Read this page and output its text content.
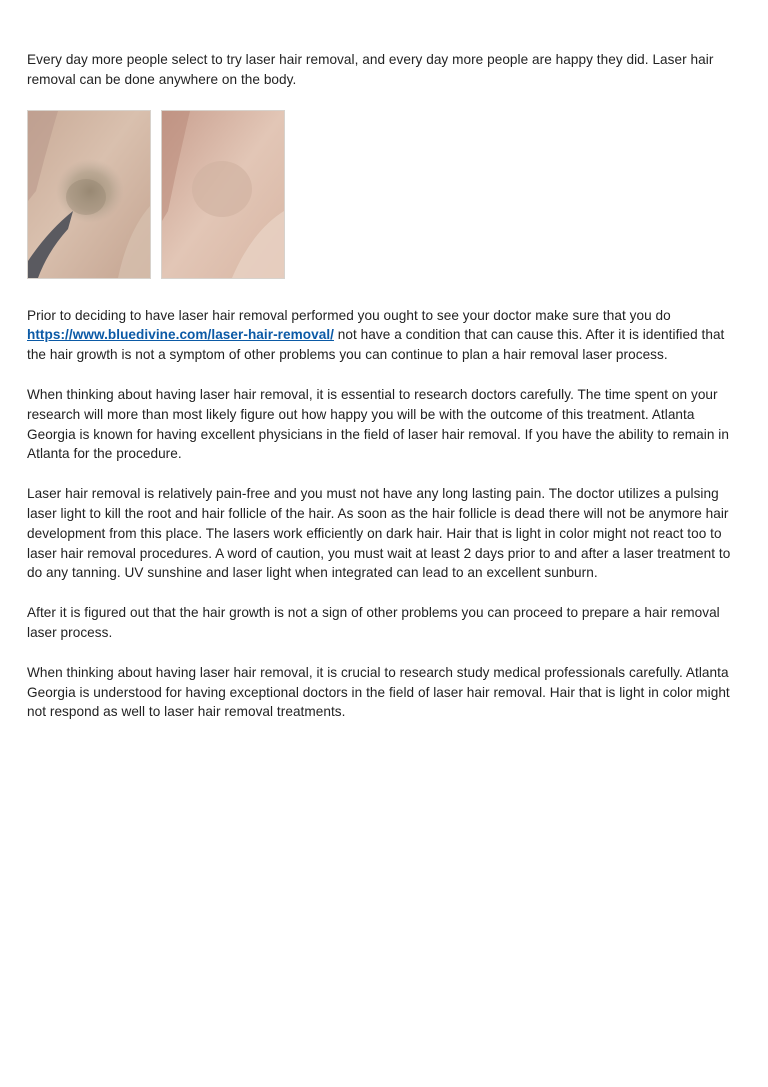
Every day more people select to try laser hair removal, and every day more people are happy they did. Laser hair removal can be done anywhere on the body.

Prior to deciding to have laser hair removal performed you ought to see your doctor make sure that you do https://www.bluedivine.com/laser-hair-removal/ not have a condition that can cause this. After it is identified that the hair growth is not a symptom of other problems you can continue to plan a hair removal laser process.

When thinking about having laser hair removal, it is essential to research doctors carefully. The time spent on your research will more than most likely figure out how happy you will be with the outcome of this treatment. Atlanta Georgia is known for having excellent physicians in the field of laser hair removal. If you have the ability to remain in Atlanta for the procedure.

Laser hair removal is relatively pain-free and you must not have any long lasting pain. The doctor utilizes a pulsing laser light to kill the root and hair follicle of the hair. As soon as the hair follicle is dead there will not be anymore hair development from this place. The lasers work efficiently on dark hair. Hair that is light in color might not react too to laser hair removal procedures. A word of caution, you must wait at least 2 days prior to and after a laser treatment to do any tanning. UV sunshine and laser light when integrated can lead to an excellent sunburn.

After it is figured out that the hair growth is not a sign of other problems you can proceed to prepare a hair removal laser process.

When thinking about having laser hair removal, it is crucial to research study medical professionals carefully. Atlanta Georgia is understood for having exceptional doctors in the field of laser hair removal. Hair that is light in color might not respond as well to laser hair removal treatments.
